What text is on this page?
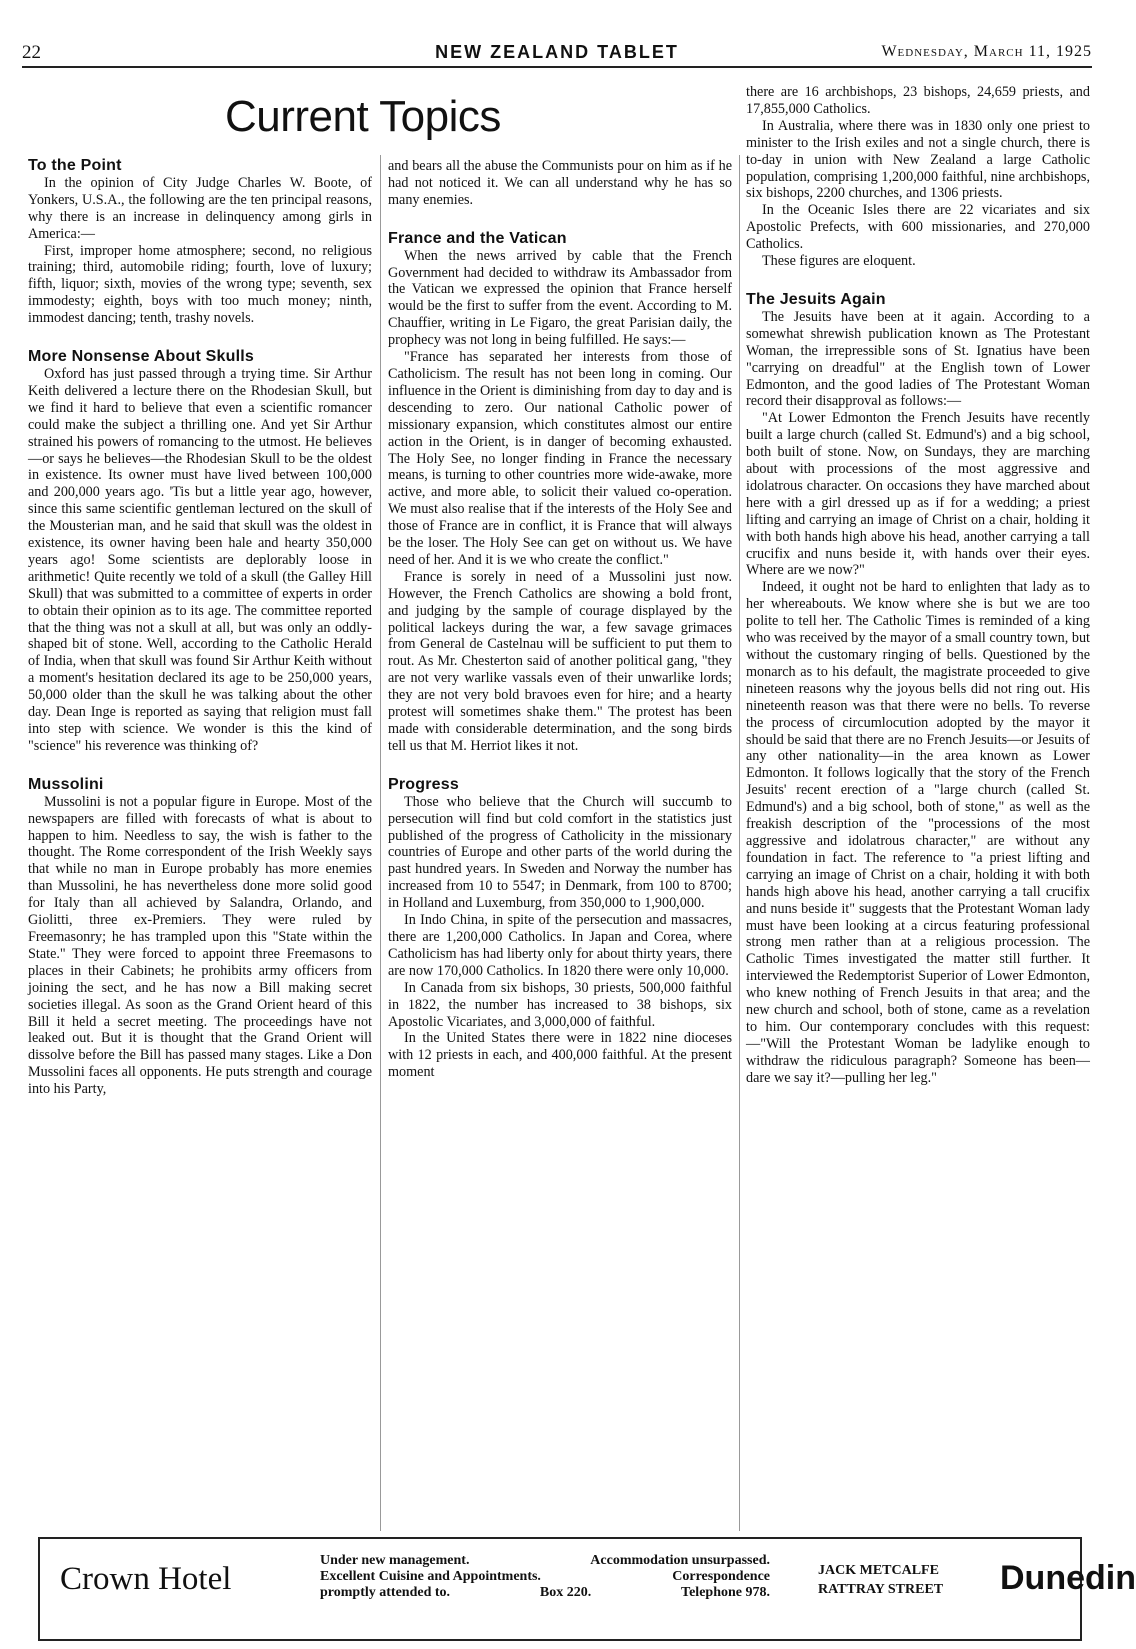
22	NEW ZEALAND TABLET	Wednesday, March 11, 1925
Current Topics
To the Point

In the opinion of City Judge Charles W. Boote, of Yonkers, U.S.A., the following are the ten principal reasons, why there is an increase in delinquency among girls in America:—

First, improper home atmosphere; second, no religious training; third, automobile riding; fourth, love of luxury; fifth, liquor; sixth, movies of the wrong type; seventh, sex immodesty; eighth, boys with too much money; ninth, immodest dancing; tenth, trashy novels.

More Nonsense About Skulls

Oxford has just passed through a trying time. Sir Arthur Keith delivered a lecture there on the Rhodesian Skull, but we find it hard to believe that even a scientific romancer could make the subject a thrilling one. And yet Sir Arthur strained his powers of romancing to the utmost. He believes—or says he believes—the Rhodesian Skull to be the oldest in existence. Its owner must have lived between 100,000 and 200,000 years ago. 'Tis but a little year ago, however, since this same scientific gentleman lectured on the skull of the Mousterian man, and he said that skull was the oldest in existence, its owner having been hale and hearty 350,000 years ago! Some scientists are deplorably loose in arithmetic! Quite recently we told of a skull (the Galley Hill Skull) that was submitted to a committee of experts in order to obtain their opinion as to its age. The committee reported that the thing was not a skull at all, but was only an oddly-shaped bit of stone. Well, according to the Catholic Herald of India, when that skull was found Sir Arthur Keith without a moment's hesitation declared its age to be 250,000 years, 50,000 older than the skull he was talking about the other day. Dean Inge is reported as saying that religion must fall into step with science. We wonder is this the kind of "science" his reverence was thinking of?

Mussolini

Mussolini is not a popular figure in Europe. Most of the newspapers are filled with forecasts of what is about to happen to him. Needless to say, the wish is father to the thought. The Rome correspondent of the Irish Weekly says that while no man in Europe probably has more enemies than Mussolini, he has nevertheless done more solid good for Italy than all achieved by Salandra, Orlando, and Giolitti, three ex-Premiers. They were ruled by Freemasonry; he has trampled upon this "State within the State." They were forced to appoint three Freemasons to places in their Cabinets; he prohibits army officers from joining the sect, and he has now a Bill making secret societies illegal. As soon as the Grand Orient heard of this Bill it held a secret meeting. The proceedings have not leaked out. But it is thought that the Grand Orient will dissolve before the Bill has passed many stages. Like a Don Mussolini faces all opponents. He puts strength and courage into his Party,

and bears all the abuse the Communists pour on him as if he had not noticed it. We can all understand why he has so many enemies.

France and the Vatican

When the news arrived by cable that the French Government had decided to withdraw its Ambassador from the Vatican we expressed the opinion that France herself would be the first to suffer from the event. According to M. Chauffier, writing in Le Figaro, the great Parisian daily, the prophecy was not long in being fulfilled. He says:—

"France has separated her interests from those of Catholicism. The result has not been long in coming. Our influence in the Orient is diminishing from day to day and is descending to zero. Our national Catholic power of missionary expansion, which constitutes almost our entire action in the Orient, is in danger of becoming exhausted. The Holy See, no longer finding in France the necessary means, is turning to other countries more wide-awake, more active, and more able, to solicit their valued co-operation. We must also realise that if the interests of the Holy See and those of France are in conflict, it is France that will always be the loser. The Holy See can get on without us. We have need of her. And it is we who create the conflict."

France is sorely in need of a Mussolini just now. However, the French Catholics are showing a bold front, and judging by the sample of courage displayed by the political lackeys during the war, a few savage grimaces from General de Castelnau will be sufficient to put them to rout. As Mr. Chesterton said of another political gang, "they are not very warlike vassals even of their unwarlike lords; they are not very bold bravoes even for hire; and a hearty protest will sometimes shake them." The protest has been made with considerable determination, and the song birds tell us that M. Herriot likes it not.

Progress

Those who believe that the Church will succumb to persecution will find but cold comfort in the statistics just published of the progress of Catholicity in the missionary countries of Europe and other parts of the world during the past hundred years. In Sweden and Norway the number has increased from 10 to 5547; in Denmark, from 100 to 8700; in Holland and Luxemburg, from 350,000 to 1,900,000.

In Indo China, in spite of the persecution and massacres, there are 1,200,000 Catholics. In Japan and Corea, where Catholicism has had liberty only for about thirty years, there are now 170,000 Catholics. In 1820 there were only 10,000.

In Canada from six bishops, 30 priests, 500,000 faithful in 1822, the number has increased to 38 bishops, six Apostolic Vicariates, and 3,000,000 of faithful.

In the United States there were in 1822 nine dioceses with 12 priests in each, and 400,000 faithful. At the present moment

there are 16 archbishops, 23 bishops, 24,659 priests, and 17,855,000 Catholics.

In Australia, where there was in 1830 only one priest to minister to the Irish exiles and not a single church, there is to-day in union with New Zealand a large Catholic population, comprising 1,200,000 faithful, nine archbishops, six bishops, 2200 churches, and 1306 priests.

In the Oceanic Isles there are 22 vicariates and six Apostolic Prefects, with 600 missionaries, and 270,000 Catholics.

These figures are eloquent.

The Jesuits Again

The Jesuits have been at it again. According to a somewhat shrewish publication known as The Protestant Woman, the irrepressible sons of St. Ignatius have been "carrying on dreadful" at the English town of Lower Edmonton, and the good ladies of The Protestant Woman record their disapproval as follows:—

"At Lower Edmonton the French Jesuits have recently built a large church (called St. Edmund's) and a big school, both built of stone. Now, on Sundays, they are marching about with processions of the most aggressive and idolatrous character. On occasions they have marched about here with a girl dressed up as if for a wedding; a priest lifting and carrying an image of Christ on a chair, holding it with both hands high above his head, another carrying a tall crucifix and nuns beside it, with hands over their eyes. Where are we now?"

Indeed, it ought not be hard to enlighten that lady as to her whereabouts. We know where she is but we are too polite to tell her. The Catholic Times is reminded of a king who was received by the mayor of a small country town, but without the customary ringing of bells. Questioned by the monarch as to his default, the magistrate proceeded to give nineteen reasons why the joyous bells did not ring out. His nineteenth reason was that there were no bells. To reverse the process of circumlocution adopted by the mayor it should be said that there are no French Jesuits—or Jesuits of any other nationality—in the area known as Lower Edmonton. It follows logically that the story of the French Jesuits' recent erection of a "large church (called St. Edmund's) and a big school, both of stone," as well as the freakish description of the "processions of the most aggressive and idolatrous character," are without any foundation in fact. The reference to "a priest lifting and carrying an image of Christ on a chair, holding it with both hands high above his head, another carrying a tall crucifix and nuns beside it" suggests that the Protestant Woman lady must have been looking at a circus featuring professional strong men rather than at a religious procession. The Catholic Times investigated the matter still further. It interviewed the Redemptorist Superior of Lower Edmonton, who knew nothing of French Jesuits in that area; and the new church and school, both of stone, came as a revelation to him. Our contemporary concludes with this request:—"Will the Protestant Woman be ladylike enough to withdraw the ridiculous paragraph? Someone has been—dare we say it?—pulling her leg."

Crown Hotel
Under new management.	Accommodation unsurpassed.
Excellent Cuisine and Appointments.	Correspondence
promptly attended to.	Box 220.	Telephone 978.
JACK METCALFE
RATTRAY STREET Dunedin
